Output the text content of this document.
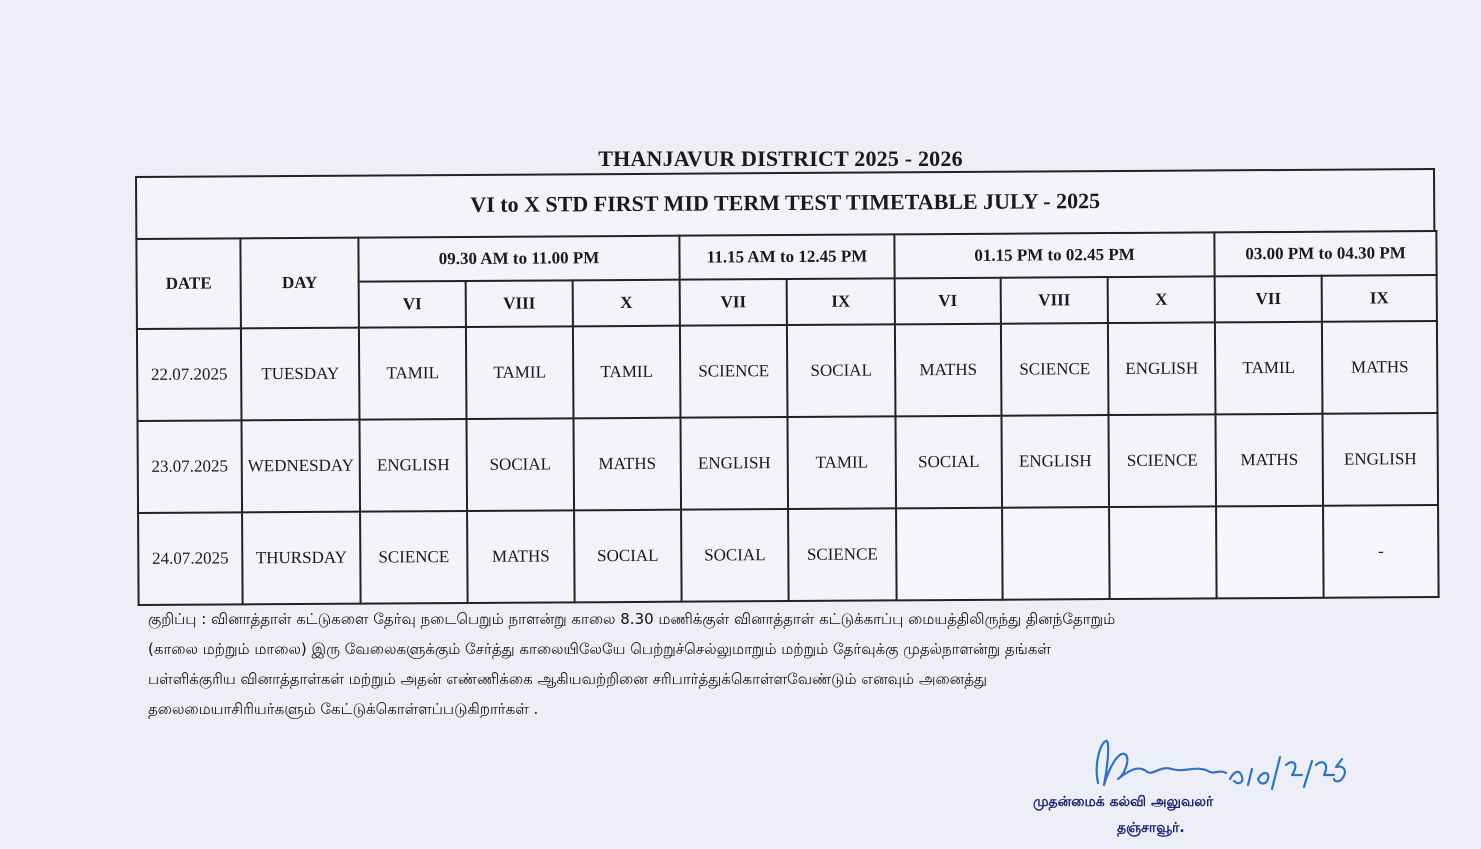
THANJAVUR DISTRICT 2025 - 2026
VI to X STD FIRST MID TERM TEST TIMETABLE JULY - 2025
DATE	DAY	09.30 AM to 11.00 PM			11.15 AM to 12.45 PM		01.15 PM to 02.45 PM			03.00 PM to 04.30 PM	
		VI	VIII	X	VII	IX	VI	VIII	X	VII	IX
22.07.2025	TUESDAY	TAMIL	TAMIL	TAMIL	SCIENCE	SOCIAL	MATHS	SCIENCE	ENGLISH	TAMIL	MATHS
23.07.2025	WEDNESDAY	ENGLISH	SOCIAL	MATHS	ENGLISH	TAMIL	SOCIAL	ENGLISH	SCIENCE	MATHS	ENGLISH
24.07.2025	THURSDAY	SCIENCE	MATHS	SOCIAL	SOCIAL	SCIENCE					-

குறிப்பு : வினாத்தாள் கட்டுகளை தேர்வு நடைபெறும் நாளன்று காலை 8.30 மணிக்குள் வினாத்தாள் கட்டுக்காப்பு மையத்திலிருந்து தினந்தோறும்

(காலை மற்றும் மாலை) இரு வேலைகளுக்கும் சேர்த்து காலையிலேயே பெற்றுச்செல்லுமாறும் மற்றும் தேர்வுக்கு முதல்நாளன்று தங்கள்

பள்ளிக்குரிய வினாத்தாள்கள் மற்றும் அதன் எண்ணிக்கை ஆகியவற்றினை சரிபார்த்துக்கொள்ளவேண்டும் எனவும் அனைத்து

தலைமையாசிரியர்களும் கேட்டுக்கொள்ளப்படுகிறார்கள் .

முதன்மைக் கல்வி அலுவலர்
தஞ்சாவூர்.
